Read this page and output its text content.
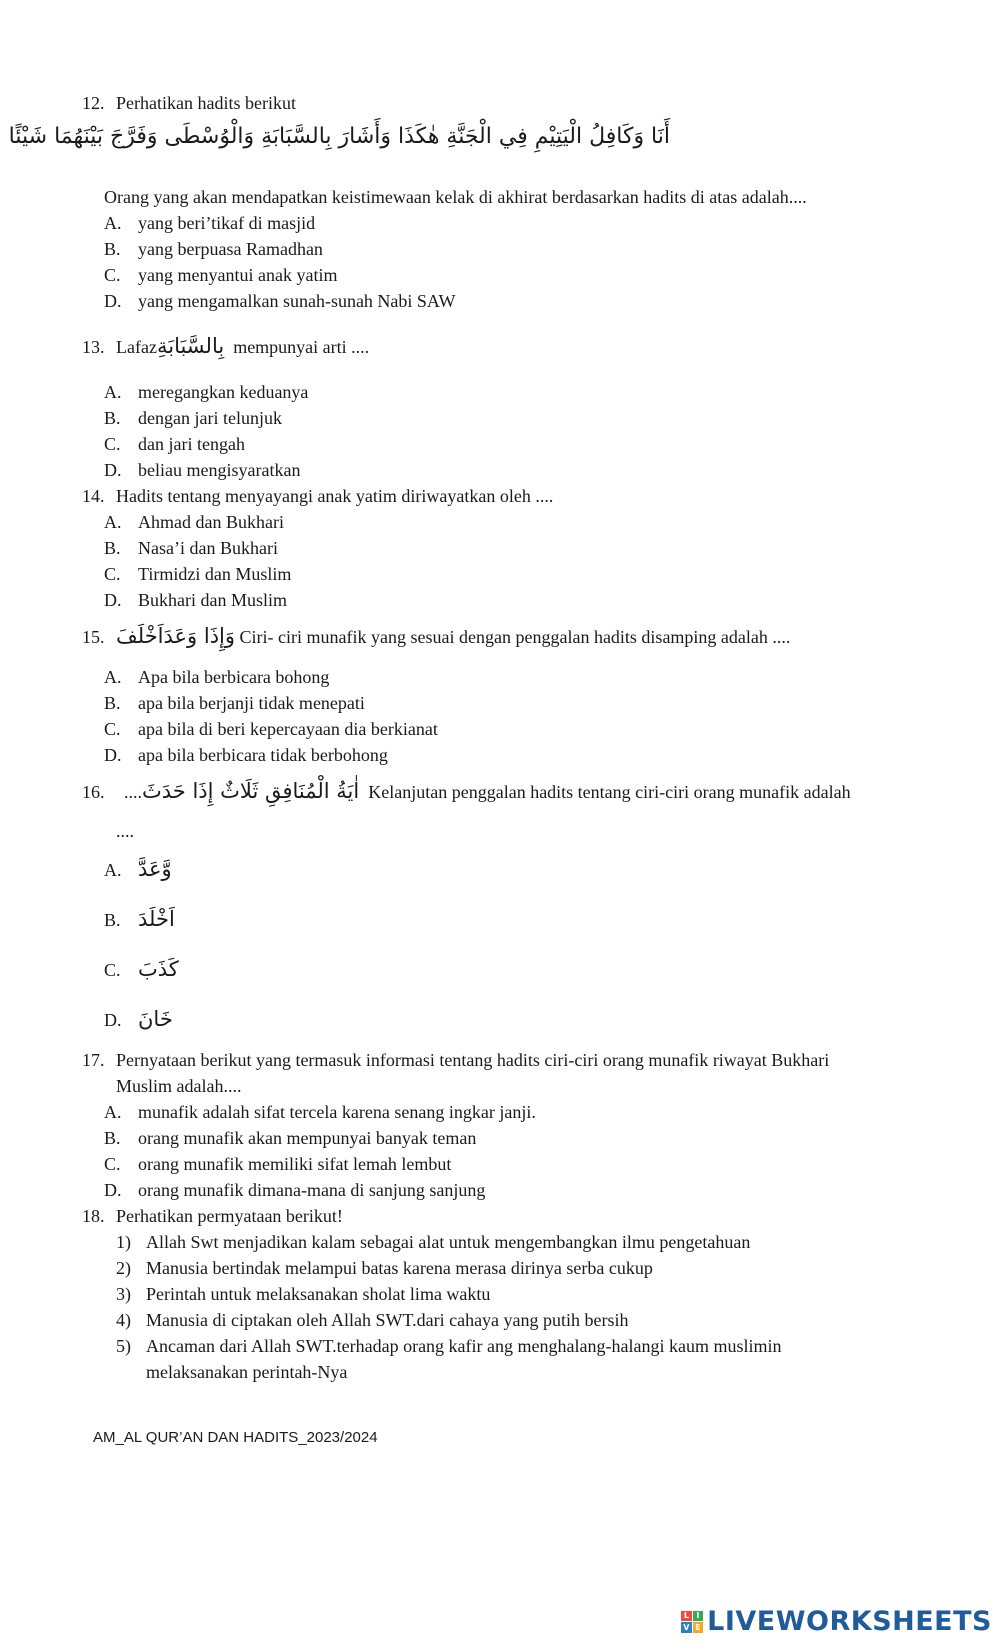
12. Perhatikan hadits berikut
أَنَا وَكَافِلُ الْيَتِيْمِ فِي الْجَنَّةِ هٰكَذَا وَأَشَارَ بِالسَّبَابَةِ وَالْوُسْطَى وَفَرَّجَ بَيْنَهُمَا شَيْئًا
Orang yang akan mendapatkan keistimewaan kelak di akhirat berdasarkan hadits di atas adalah....
A. yang beri’tikaf di masjid
B. yang berpuasa Ramadhan
C. yang menyantui anak yatim
D. yang mengamalkan sunah-sunah Nabi SAW
13. Lafazبِالسَّبَابَةِ mempunyai arti ....
A. meregangkan keduanya
B. dengan jari telunjuk
C. dan jari tengah
D. beliau mengisyaratkan
14. Hadits tentang menyayangi anak yatim diriwayatkan oleh ....
A. Ahmad dan Bukhari
B. Nasa’i dan Bukhari
C. Tirmidzi dan Muslim
D. Bukhari dan Muslim
15. وَإِذَا وَعَدَاَخْلَفَ Ciri- ciri munafik yang sesuai dengan penggalan hadits disamping adalah ....
A. Apa bila berbicara bohong
B. apa bila berjanji tidak menepati
C. apa bila di beri kepercayaan dia berkianat
D. apa bila berbicara tidak berbohong
16. ....اٰيَةُ الْمُنَافِقِ ثَلَاثٌ إِذَا حَدَثَ Kelanjutan penggalan hadits tentang ciri-ciri orang munafik adalah
....
A. وَّعَدَّ
B. اَخْلَدَ
C. كَذَبَ
D. خَانَ
17. Pernyataan berikut yang termasuk informasi tentang hadits ciri-ciri orang munafik riwayat Bukhari
Muslim adalah....
A. munafik adalah sifat tercela karena senang ingkar janji.
B. orang munafik akan mempunyai banyak teman
C. orang munafik memiliki sifat lemah lembut
D. orang munafik dimana-mana di sanjung sanjung
18. Perhatikan permyataan berikut!
1) Allah Swt menjadikan kalam sebagai alat untuk mengembangkan ilmu pengetahuan
2) Manusia bertindak melampui batas karena merasa dirinya serba cukup
3) Perintah untuk melaksanakan sholat lima waktu
4) Manusia di ciptakan oleh Allah SWT.dari cahaya yang putih bersih
5) Ancaman dari Allah SWT.terhadap orang kafir ang menghalang-halangi kaum muslimin
melaksanakan perintah-Nya
AM_AL QUR’AN DAN HADITS_2023/2024
L I
V E LIVEWORKSHEETS
